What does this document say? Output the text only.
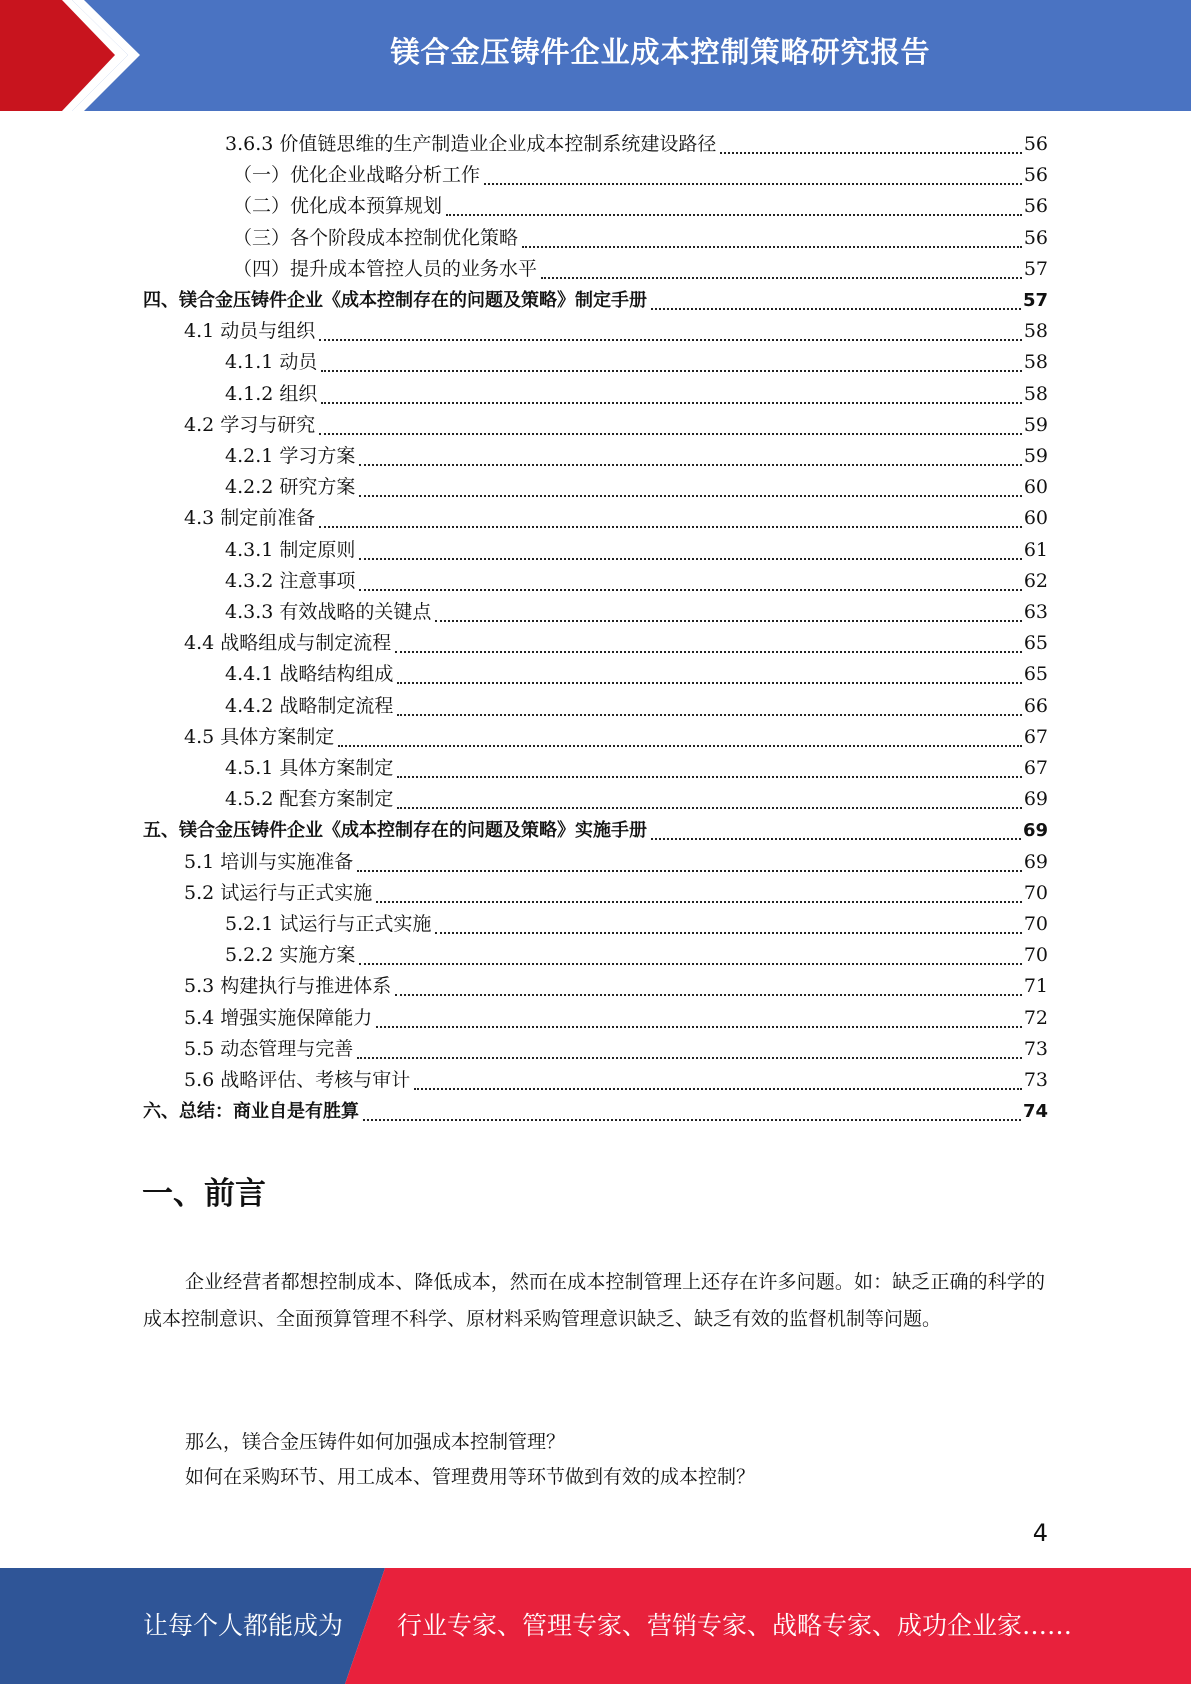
镁合金压铸件企业成本控制策略研究报告
3.6.3 价值链思维的生产制造业企业成本控制系统建设路径	56
（一）优化企业战略分析工作	56
（二）优化成本预算规划	56
（三）各个阶段成本控制优化策略	56
（四）提升成本管控人员的业务水平	57
四、镁合金压铸件企业《成本控制存在的问题及策略》制定手册	57
4.1 动员与组织	58
4.1.1 动员	58
4.1.2 组织	58
4.2 学习与研究	59
4.2.1 学习方案	59
4.2.2 研究方案	60
4.3 制定前准备	60
4.3.1 制定原则	61
4.3.2 注意事项	62
4.3.3 有效战略的关键点	63
4.4 战略组成与制定流程	65
4.4.1 战略结构组成	65
4.4.2 战略制定流程	66
4.5 具体方案制定	67
4.5.1 具体方案制定	67
4.5.2 配套方案制定	69
五、镁合金压铸件企业《成本控制存在的问题及策略》实施手册	69
5.1 培训与实施准备	69
5.2 试运行与正式实施	70
5.2.1 试运行与正式实施	70
5.2.2 实施方案	70
5.3 构建执行与推进体系	71
5.4 增强实施保障能力	72
5.5 动态管理与完善	73
5.6 战略评估、考核与审计	73
六、总结：商业自是有胜算	74
一、前言
企业经营者都想控制成本、降低成本，然而在成本控制管理上还存在许多问题。如：缺乏正确的科学的成本控制意识、全面预算管理不科学、原材料采购管理意识缺乏、缺乏有效的监督机制等问题。
那么，镁合金压铸件如何加强成本控制管理？
如何在采购环节、用工成本、管理费用等环节做到有效的成本控制？
4
让每个人都能成为 行业专家、管理专家、营销专家、战略专家、成功企业家……
